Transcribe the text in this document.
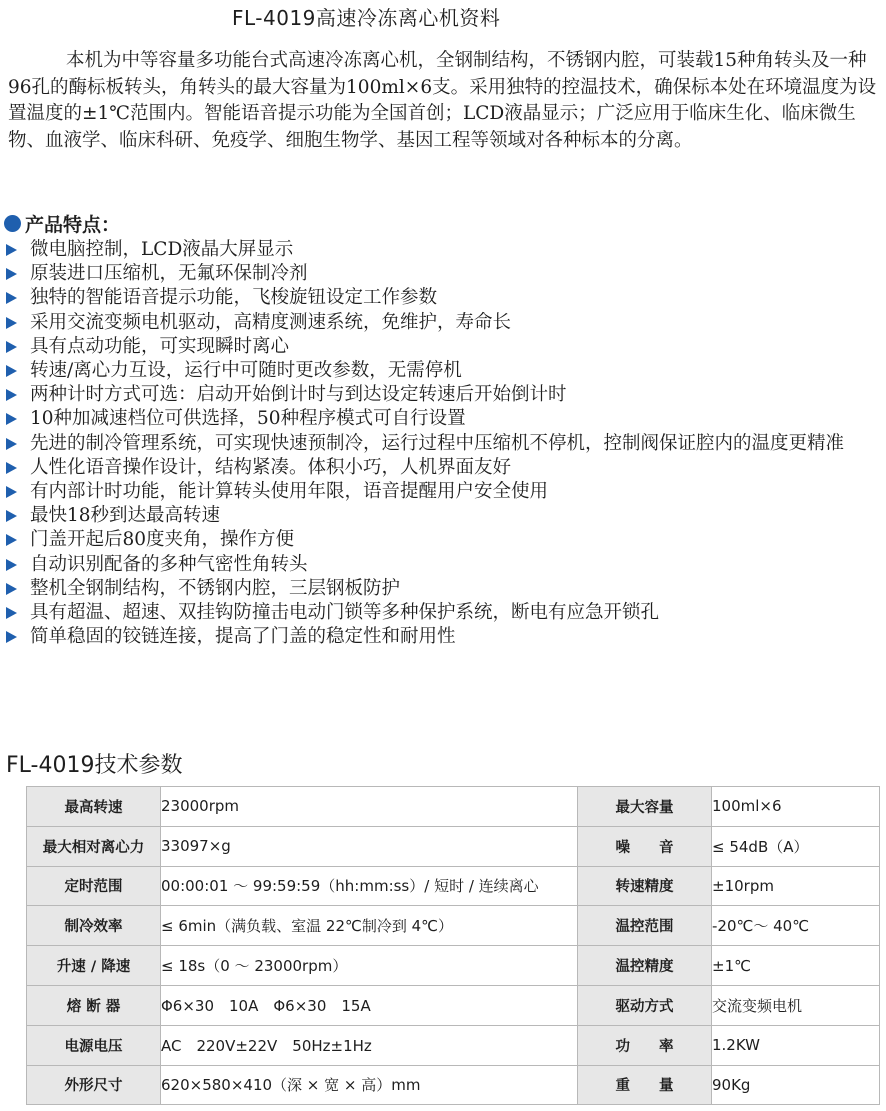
FL-4019高速冷冻离心机资料

本机为中等容量多功能台式高速冷冻离心机，全钢制结构，不锈钢内腔，可装载15种角转头及一种96孔的酶标板转头，角转头的最大容量为100ml×6支。采用独特的控温技术，确保标本处在环境温度为设置温度的±1℃范围内。智能语音提示功能为全国首创；LCD液晶显示；广泛应用于临床生化、临床微生物、血液学、临床科研、免疫学、细胞生物学、基因工程等领域对各种标本的分离。

产品特点：
微电脑控制，LCD液晶大屏显示
原装进口压缩机，无氟环保制冷剂
独特的智能语音提示功能，飞梭旋钮设定工作参数
采用交流变频电机驱动，高精度测速系统，免维护，寿命长
具有点动功能，可实现瞬时离心
转速/离心力互设，运行中可随时更改参数，无需停机
两种计时方式可选：启动开始倒计时与到达设定转速后开始倒计时
10种加减速档位可供选择，50种程序模式可自行设置
先进的制冷管理系统，可实现快速预制冷，运行过程中压缩机不停机，控制阀保证腔内的温度更精准
人性化语音操作设计，结构紧凑。体积小巧，人机界面友好
有内部计时功能，能计算转头使用年限，语音提醒用户安全使用
最快18秒到达最高转速
门盖开起后80度夹角，操作方便
自动识别配备的多种气密性角转头
整机全钢制结构，不锈钢内腔，三层钢板防护
具有超温、超速、双挂钩防撞击电动门锁等多种保护系统，断电有应急开锁孔
简单稳固的铰链连接，提高了门盖的稳定性和耐用性
FL-4019技术参数
最高转速	23000rpm	最大容量	100ml×6
最大相对离心力	33097×g	噪　　音	≤ 54dB（A）
定时范围	00:00:01 ～ 99:59:59（hh:mm:ss）/ 短时 / 连续离心	转速精度	±10rpm
制冷效率	≤ 6min（满负载、室温 22℃制冷到 4℃）	温控范围	-20℃～ 40℃
升速 / 降速	≤ 18s（0 ～ 23000rpm）	温控精度	±1℃
熔 断 器	Φ6×30　10A　Φ6×30　15A	驱动方式	交流变频电机
电源电压	AC　220V±22V　50Hz±1Hz	功　　率	1.2KW
外形尺寸	620×580×410（深 × 宽 × 高）mm	重　　量	90Kg
